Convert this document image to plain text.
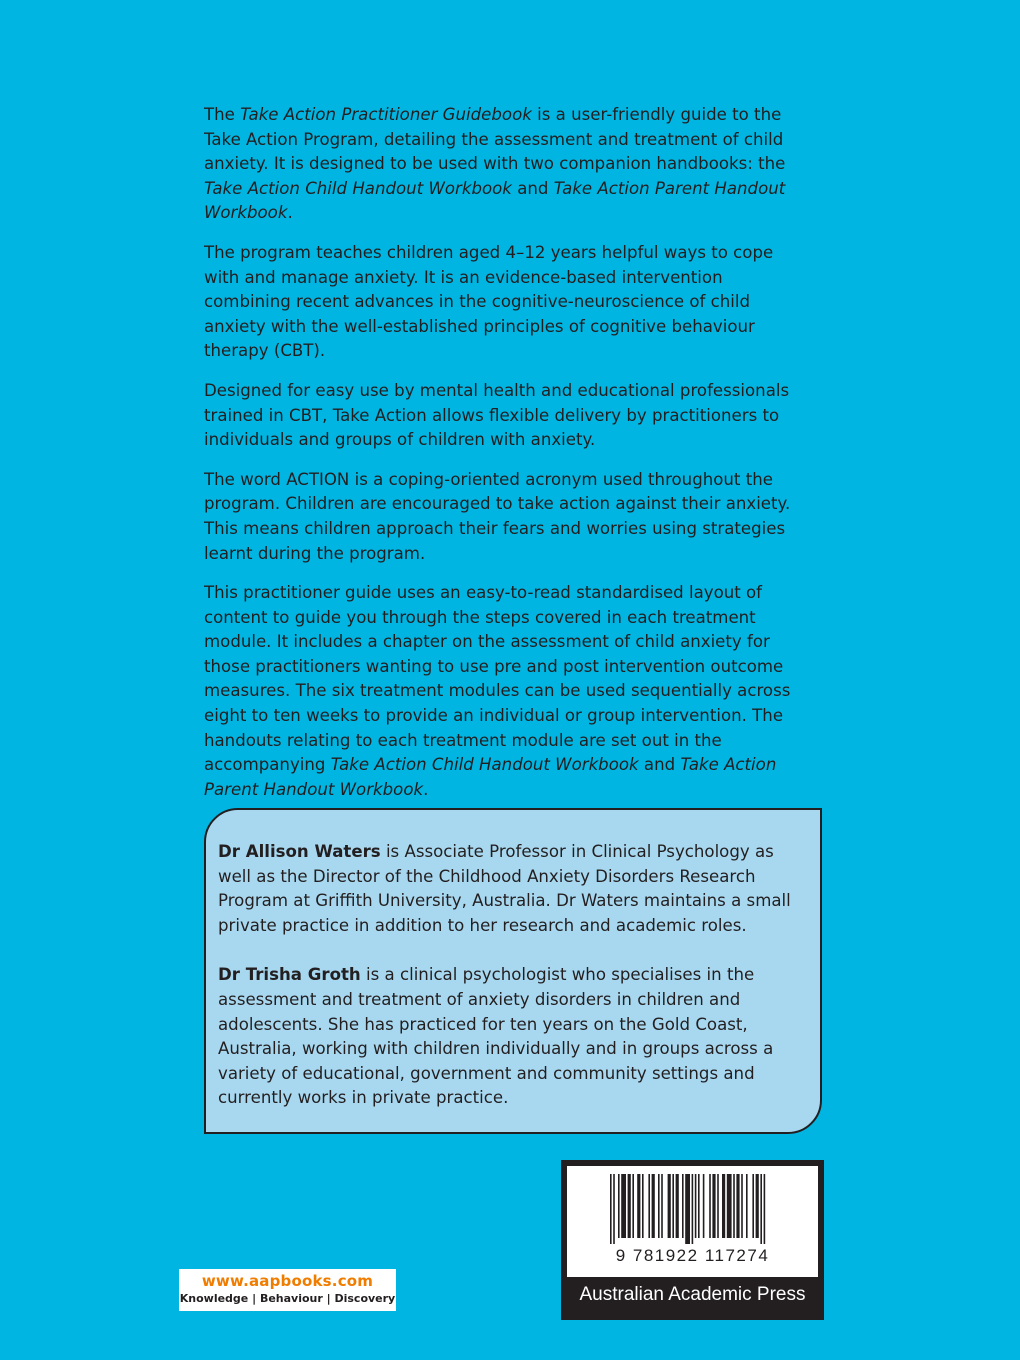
The Take Action Practitioner Guidebook is a user-friendly guide to the Take Action Program, detailing the assessment and treatment of child anxiety. It is designed to be used with two companion handbooks: the Take Action Child Handout Workbook and Take Action Parent Handout Workbook.

The program teaches children aged 4–12 years helpful ways to cope with and manage anxiety. It is an evidence-based intervention combining recent advances in the cognitive-neuroscience of child anxiety with the well-established principles of cognitive behaviour therapy (CBT).

Designed for easy use by mental health and educational professionals trained in CBT, Take Action allows flexible delivery by practitioners to individuals and groups of children with anxiety.

The word ACTION is a coping-oriented acronym used throughout the program. Children are encouraged to take action against their anxiety. This means children approach their fears and worries using strategies learnt during the program.

This practitioner guide uses an easy-to-read standardised layout of content to guide you through the steps covered in each treatment module. It includes a chapter on the assessment of child anxiety for those practitioners wanting to use pre and post intervention outcome measures. The six treatment modules can be used sequentially across eight to ten weeks to provide an individual or group intervention. The handouts relating to each treatment module are set out in the accompanying Take Action Child Handout Workbook and Take Action Parent Handout Workbook.

Dr Allison Waters is Associate Professor in Clinical Psychology as well as the Director of the Childhood Anxiety Disorders Research Program at Griffith University, Australia. Dr Waters maintains a small private practice in addition to her research and academic roles.

Dr Trisha Groth is a clinical psychologist who specialises in the assessment and treatment of anxiety disorders in children and adolescents. She has practiced for ten years on the Gold Coast, Australia, working with children individually and in groups across a variety of educational, government and community settings and currently works in private practice.

www.aapbooks.com
Knowledge | Behaviour | Discovery
9 781922 117274
Australian Academic Press
